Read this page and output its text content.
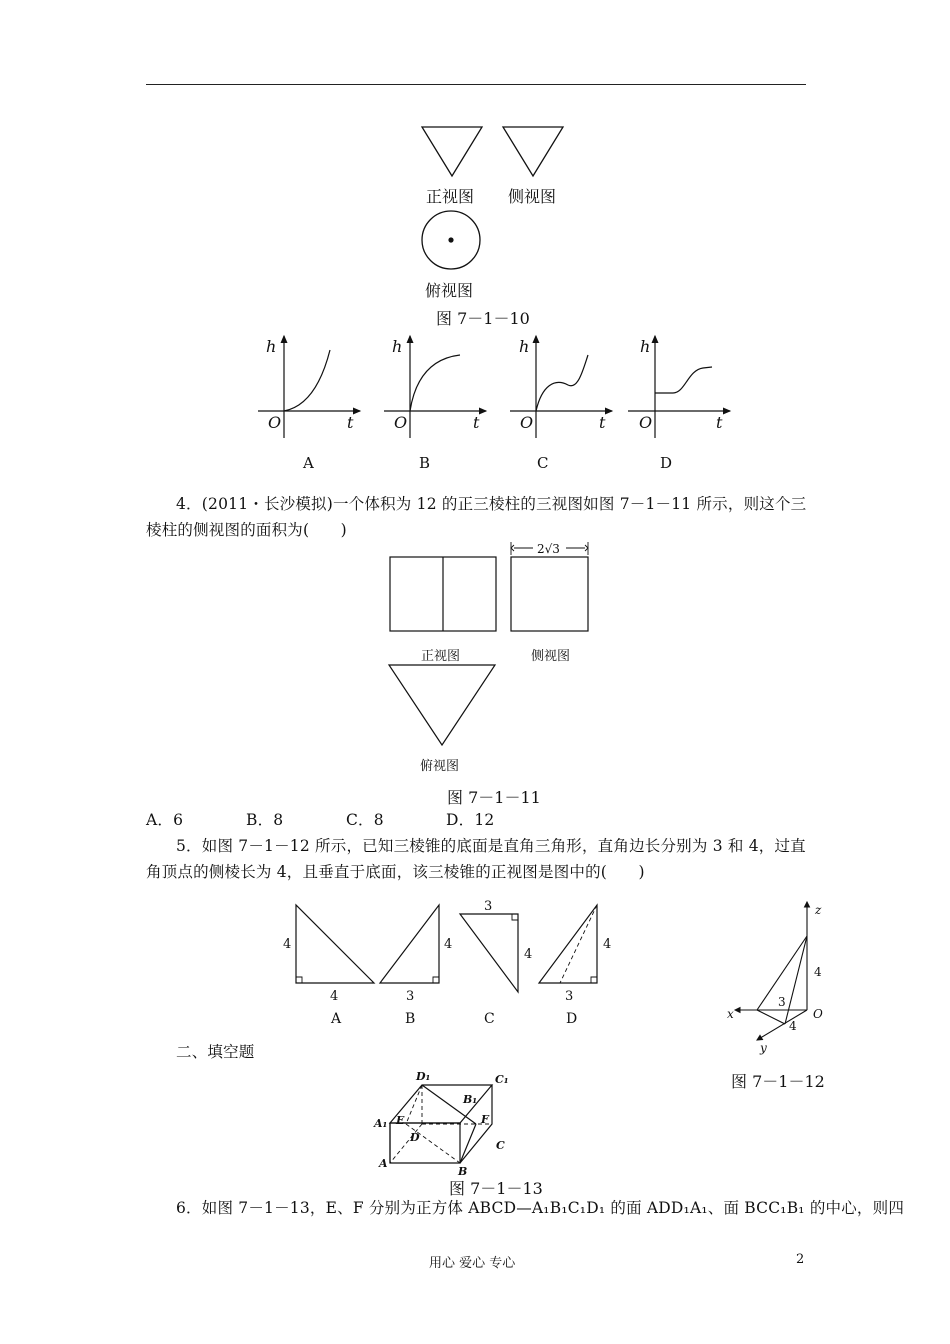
正视图 侧视图
俯视图
图 7－1－10
h
t
O
h
t
O
h
t
O
h
t
O
A	B	C	D
4．(2011・长沙模拟)一个体积为 12 的正三棱柱的三视图如图 7－1－11 所示，则这个三
棱柱的侧视图的面积为(　　)
2√3
正视图	侧视图
俯视图
图 7－1－11
A．6	B．8	C．8	D．12
5．如图 7－1－12 所示，已知三棱锥的底面是直角三角形，直角边长分别为 3 和 4，过直
角顶点的侧棱长为 4，且垂直于底面，该三棱锥的正视图是图中的(　　)
4
4
4
3
3
4
4
3
A	B	C	D
z
x
y
O
4
3
4
图 7－1－12
二、填空题
D₁	C₁
A₁
B₁
E	F
D
C
A
B
图 7－1－13
6．如图 7－1－13，E、F 分别为正方体 ABCD—A₁B₁C₁D₁ 的面 ADD₁A₁、面 BCC₁B₁ 的中心，则四
用心 爱心 专心	2
